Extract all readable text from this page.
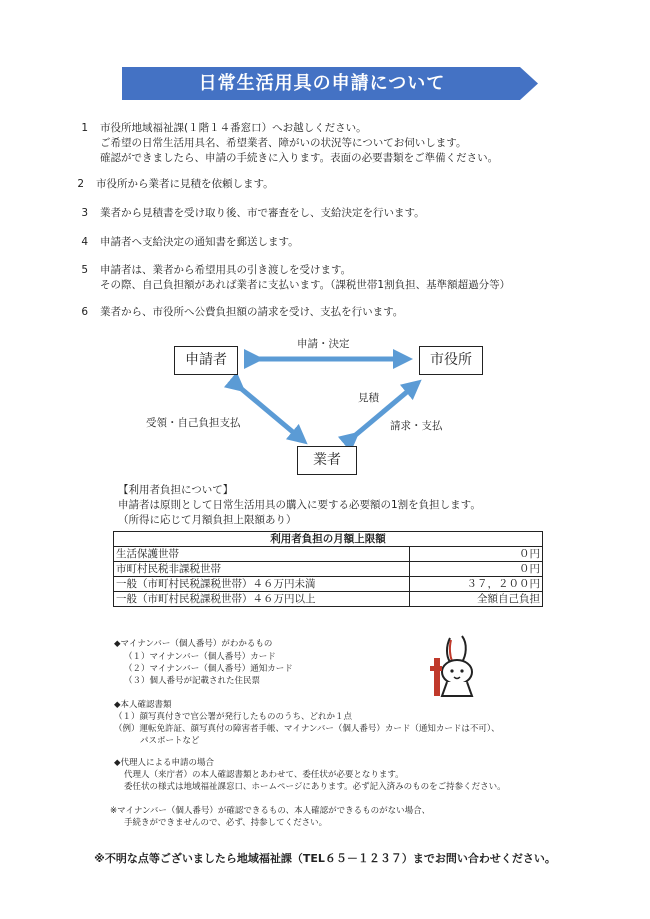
日常生活用具の申請について
1 市役所地域福祉課(１階１４番窓口）へお越しください。
ご希望の日常生活用具名、希望業者、障がいの状況等についてお伺いします。
確認ができましたら、申請の手続きに入ります。表面の必要書類をご準備ください。
2 市役所から業者に見積を依頼します。
3 業者から見積書を受け取り後、市で審査をし、支給決定を行います。
4 申請者へ支給決定の通知書を郵送します。
5 申請者は、業者から希望用具の引き渡しを受けます。
その際、自己負担額があれば業者に支払います。（課税世帯1割負担、基準額超過分等）
6 業者から、市役所へ公費負担額の請求を受け、支払を行います。
申請者	市役所
業者
申請・決定
見積
受領・自己負担支払	請求・支払
【利用者負担について】
申請者は原則として日常生活用具の購入に要する必要額の1割を負担します。
（所得に応じて月額負担上限額あり）
利用者負担の月額上限額	
生活保護世帯	０円
市町村民税非課税世帯	０円
一般（市町村民税課税世帯）４６万円未満	３７，２００円
一般（市町村民税課税世帯）４６万円以上	全額自己負担
◆マイナンバー（個人番号）がわかるもの
（１）マイナンバー（個人番号）カード
（２）マイナンバー（個人番号）通知カード
（３）個人番号が記載された住民票
◆本人確認書類
（１）顔写真付きで官公署が発行したもののうち、どれか１点
（例）運転免許証、顔写真付の障害者手帳、マイナンバー（個人番号）カード（通知カードは不可）、
パスポートなど
◆代理人による申請の場合
代理人（来庁者）の本人確認書類とあわせて、委任状が必要となります。
委任状の様式は地域福祉課窓口、ホームページにあります。必ず記入済みのものをご持参ください。
※マイナンバー（個人番号）が確認できるもの、本人確認ができるものがない場合、
手続きができませんので、必ず、持参してください。
※不明な点等ございましたら地域福祉課（TEL６５－１２３７）までお問い合わせください。
